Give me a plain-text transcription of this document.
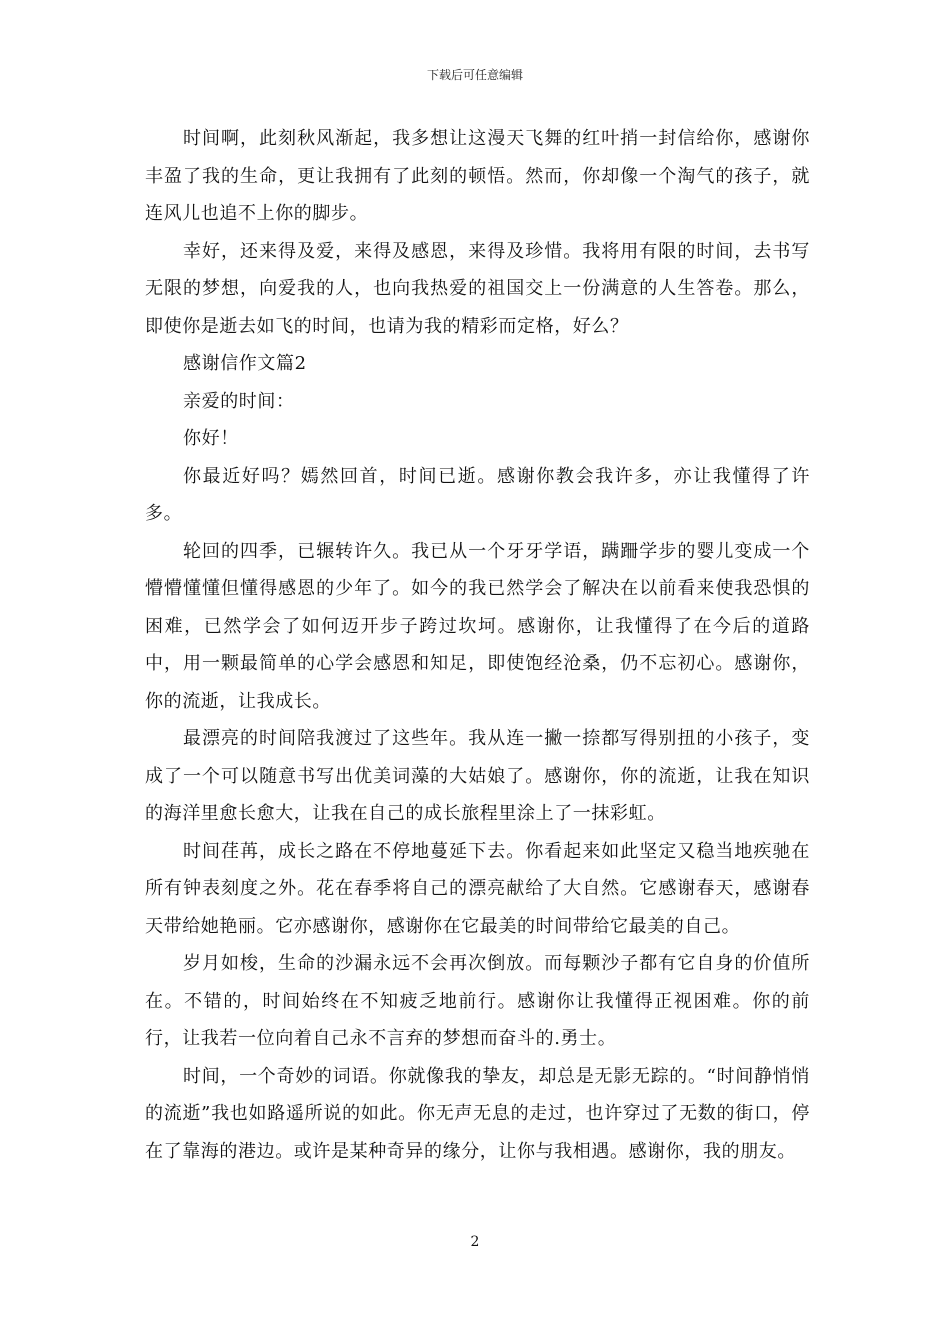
下载后可任意编辑

时间啊，此刻秋风渐起，我多想让这漫天飞舞的红叶捎一封信给你，感谢你丰盈了我的生命，更让我拥有了此刻的顿悟。然而，你却像一个淘气的孩子，就连风儿也追不上你的脚步。

幸好，还来得及爱，来得及感恩，来得及珍惜。我将用有限的时间，去书写无限的梦想，向爱我的人，也向我热爱的祖国交上一份满意的人生答卷。那么，即使你是逝去如飞的时间，也请为我的精彩而定格，好么？

感谢信作文篇2

亲爱的时间：

你好！

你最近好吗？嫣然回首，时间已逝。感谢你教会我许多，亦让我懂得了许多。

轮回的四季，已辗转许久。我已从一个牙牙学语，蹒跚学步的婴儿变成一个懵懵懂懂但懂得感恩的少年了。如今的我已然学会了解决在以前看来使我恐惧的困难，已然学会了如何迈开步子跨过坎坷。感谢你，让我懂得了在今后的道路中，用一颗最简单的心学会感恩和知足，即使饱经沧桑，仍不忘初心。感谢你，你的流逝，让我成长。

最漂亮的时间陪我渡过了这些年。我从连一撇一捺都写得别扭的小孩子，变成了一个可以随意书写出优美词藻的大姑娘了。感谢你，你的流逝，让我在知识的海洋里愈长愈大，让我在自己的成长旅程里涂上了一抹彩虹。

时间荏苒，成长之路在不停地蔓延下去。你看起来如此坚定又稳当地疾驰在所有钟表刻度之外。花在春季将自己的漂亮献给了大自然。它感谢春天，感谢春天带给她艳丽。它亦感谢你，感谢你在它最美的时间带给它最美的自己。

岁月如梭，生命的沙漏永远不会再次倒放。而每颗沙子都有它自身的价值所在。不错的，时间始终在不知疲乏地前行。感谢你让我懂得正视困难。你的前行，让我若一位向着自己永不言弃的梦想而奋斗的.勇士。

时间，一个奇妙的词语。你就像我的挚友，却总是无影无踪的。“时间静悄悄的流逝”我也如路遥所说的如此。你无声无息的走过，也许穿过了无数的街口，停在了靠海的港边。或许是某种奇异的缘分，让你与我相遇。感谢你，我的朋友。

2
